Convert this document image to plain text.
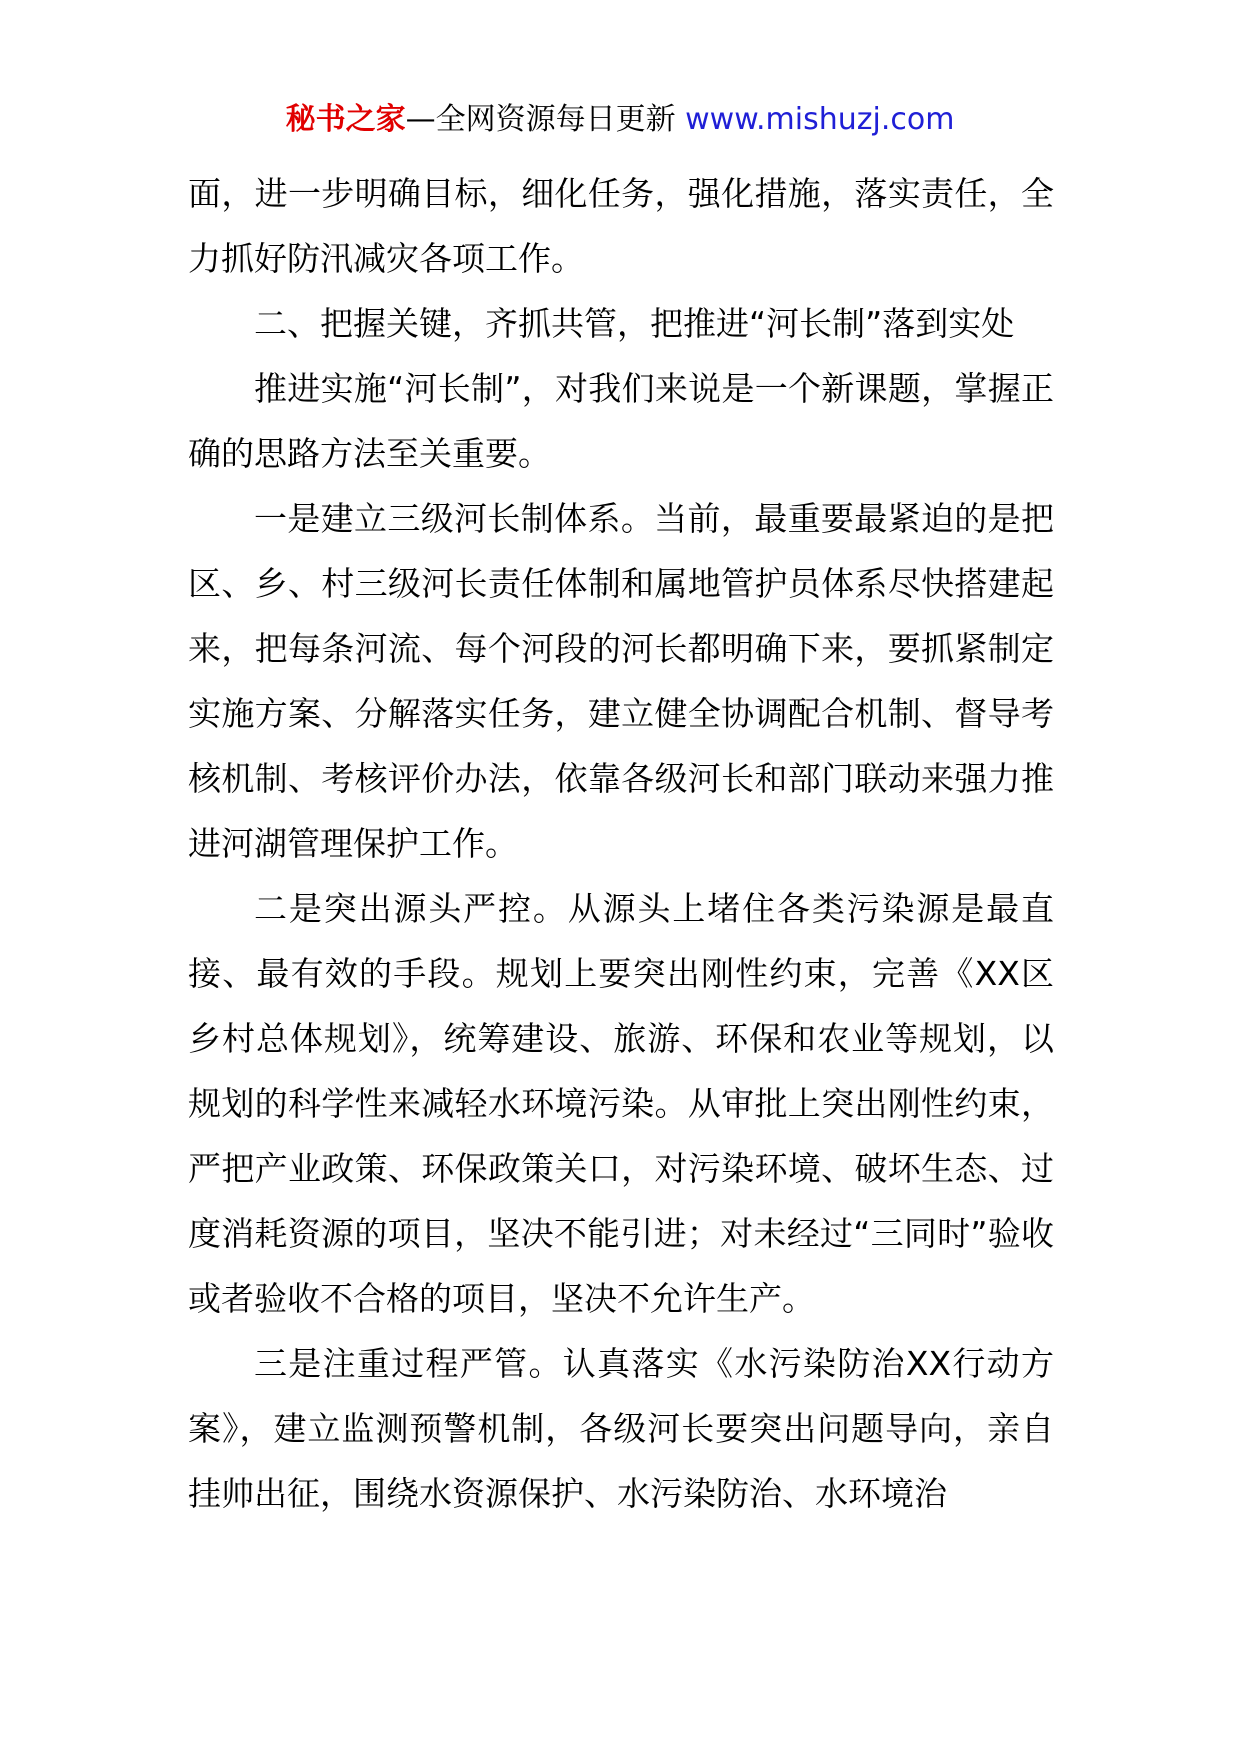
秘书之家—全网资源每日更新 www.mishuzj.com

面，进一步明确目标，细化任务，强化措施，落实责任，全力抓好防汛减灾各项工作。

二、把握关键，齐抓共管，把推进“河长制”落到实处

推进实施“河长制”，对我们来说是一个新课题，掌握正确的思路方法至关重要。

一是建立三级河长制体系。当前，最重要最紧迫的是把区、乡、村三级河长责任体制和属地管护员体系尽快搭建起来，把每条河流、每个河段的河长都明确下来，要抓紧制定实施方案、分解落实任务，建立健全协调配合机制、督导考核机制、考核评价办法，依靠各级河长和部门联动来强力推进河湖管理保护工作。

二是突出源头严控。从源头上堵住各类污染源是最直接、最有效的手段。规划上要突出刚性约束，完善《XX区乡村总体规划》，统筹建设、旅游、环保和农业等规划，以规划的科学性来减轻水环境污染。从审批上突出刚性约束，严把产业政策、环保政策关口，对污染环境、破坏生态、过度消耗资源的项目，坚决不能引进；对未经过“三同时”验收或者验收不合格的项目，坚决不允许生产。

三是注重过程严管。认真落实《水污染防治XX行动方案》，建立监测预警机制，各级河长要突出问题导向，亲自挂帅出征，围绕水资源保护、水污染防治、水环境治
